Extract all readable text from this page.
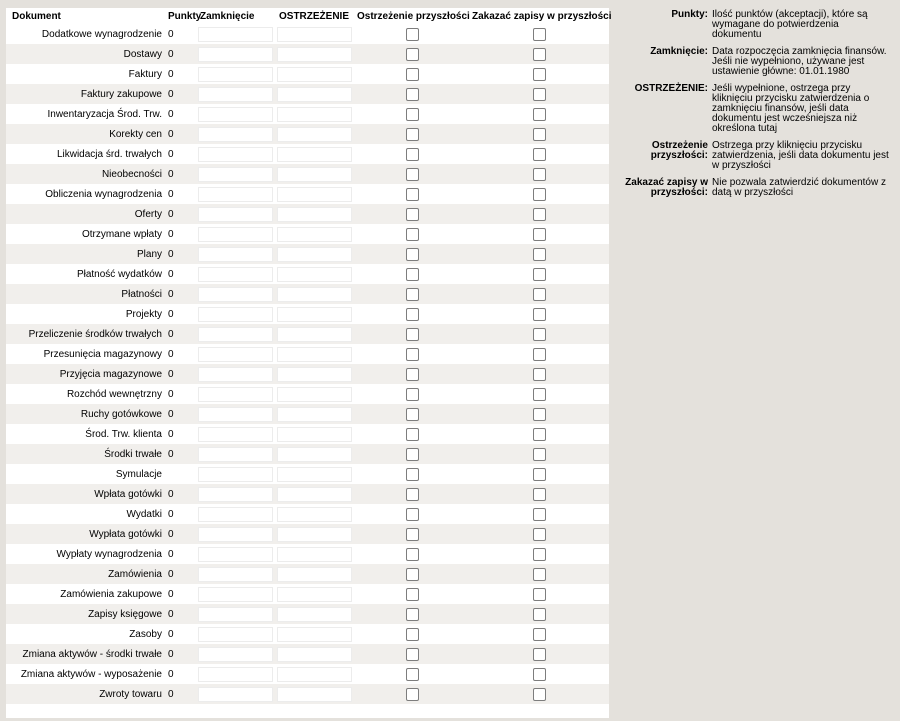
Dokument	Punkty	Zamknięcie	OSTRZEŻENIE	Ostrzeżenie przyszłości	Zakazać zapisy w przyszłości
Dodatkowe wynagrodzenie	0	

Dostawy	0	

Faktury	0	

Faktury zakupowe	0	

Inwentaryzacja Środ. Trw.	0	

Korekty cen	0	

Likwidacja śrd. trwałych	0	

Nieobecności	0	

Obliczenia wynagrodzenia	0	

Oferty	0	

Otrzymane wpłaty	0	

Plany	0	

Płatność wydatków	0	

Płatności	0	

Projekty	0	

Przeliczenie środków trwałych	0	

Przesunięcia magazynowy	0	

Przyjęcia magazynowe	0	

Rozchód wewnętrzny	0	

Ruchy gotówkowe	0	

Środ. Trw. klienta	0	

Środki trwałe	0	

Symulacje		

Wpłata gotówki	0	

Wydatki	0	

Wypłata gotówki	0	

Wypłaty wynagrodzenia	0	

Zamówienia	0	

Zamówienia zakupowe	0	

Zapisy księgowe	0	

Zasoby	0	

Zmiana aktywów - środki trwałe	0	

Zmiana aktywów - wyposażenie	0	

Zwroty towaru	0	

Punkty:	Ilość punktów (akceptacji), które są wymagane do potwierdzenia dokumentu
Zamknięcie:	Data rozpoczęcia zamknięcia finansów. Jeśli nie wypełniono, używane jest ustawienie główne: 01.01.1980
OSTRZEŻENIE:	Jeśli wypełnione, ostrzega przy kliknięciu przycisku zatwierdzenia o zamknięciu finansów, jeśli data dokumentu jest wcześniejsza niż określona tutaj
Ostrzeżenie przyszłości:	Ostrzega przy kliknięciu przycisku zatwierdzenia, jeśli data dokumentu jest w przyszłości
Zakazać zapisy w przyszłości:	Nie pozwala zatwierdzić dokumentów z datą w przyszłości
